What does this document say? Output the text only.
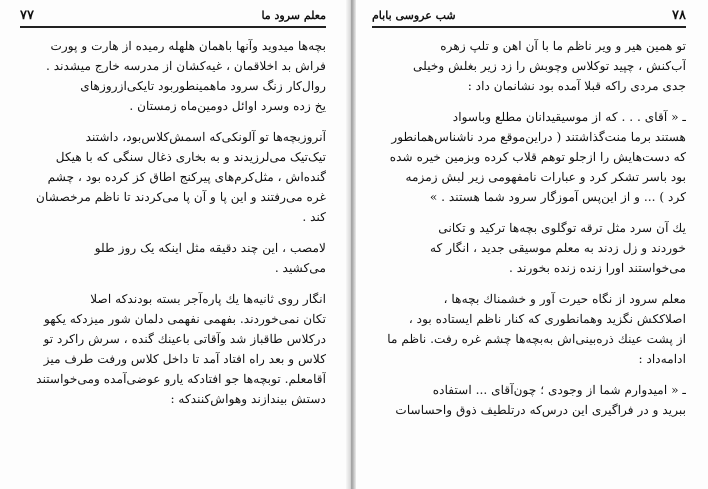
معلم سرود ما
۷۷
بچه‌ها میدوید وآنها باهمان هلهله رمیده از هارت و پورت
فراش بد اخلاقمان ، غیه‌کشان از مدرسه خارج میشدند .
روال‌کار زنگ سرود ماهمینطوربود تایکی‌ازروزهای
یخ زده وسرد اوائل دومین‌ماه زمستان .
آنروز‌بچه‌ها تو آلونکی‌که اسمش‌کلاس‌بود، داشتند
تیک‌تیک می‌لرزیدند و به بخاری ذغال سنگی که با هیکل
گنده‌اش ، مثل‌کرم‌های پیرکنج اطاق کز کرده بود ، چشم
غره می‌رفتند و این پا و آن پا می‌کردند تا ناظم مرخصشان
کند .
لامصب ، این چند دقیقه مثل اینکه یک روز طلو
می‌کشید .
انگار روی ثانیه‌ها یك پاره‌آجر بسته بودندکه اصلا
تکان نمی‌خوردند. بفهمی نفهمی دلمان شور میزدکه یکهو
درکلاس طاقباز شد وآقاتی باعینك گنده ، سرش راکرد تو
کلاس و بعد راه افتاد آمد تا داخل کلاس ورفت طرف میز
آقامعلم. توبچه‌ها جو افتادکه یارو عوضی‌آمده ومی‌خواستند
دستش بیندازند وهو‌ا‌ش‌کنندکه :
۷۸
شب عروسی بابام
تو همین هیر و ویر ناظم ما با آن اهن و تلپ زهره
آب‌کنش ، چپید توکلاس وچوبش را زد زیر بغلش وخیلی
جدی مردی راکه قبلا آمده بود نشانمان داد :
ـ « آقای . . . که از موسیقیدانان مطلع وباسواد
هستند برما منت‌گذاشتند ( دراین‌موقع مرد ناشناس‌هما‌نطور
که دست‌هایش را ازجلو توهم قلاب کرده وبزمین خیره شده
بود باسر تشکر کرد و عبارات نامفهومی زیر لبش زمزمه
کرد ) ... و از این‌پس آموزگار سرود شما هستند . »
یك آن سرد مثل ترقه توگلوی بچه‌ها ترکید و تکانی
خوردند و زل زدند به معلم موسیقی جدید ، انگار که
می‌خواستند اورا زنده زنده بخورند .
معلم سرود از نگاه حیرت آور و خشمناك بچه‌ها ،
اصلاککش نگزید وهمانطوری که کنار ناظم ایستاده بود ،
از پشت عینك ذره‌بینی‌اش به‌بچه‌ها چشم غره رفت. ناظم ما
ادامه‌داد :
ـ « امیدوارم شما از وجودی ؛ چون‌آقای ... استفاده
ببرید و در فراگیری این درس‌که درتلطیف ذوق واحساسات
